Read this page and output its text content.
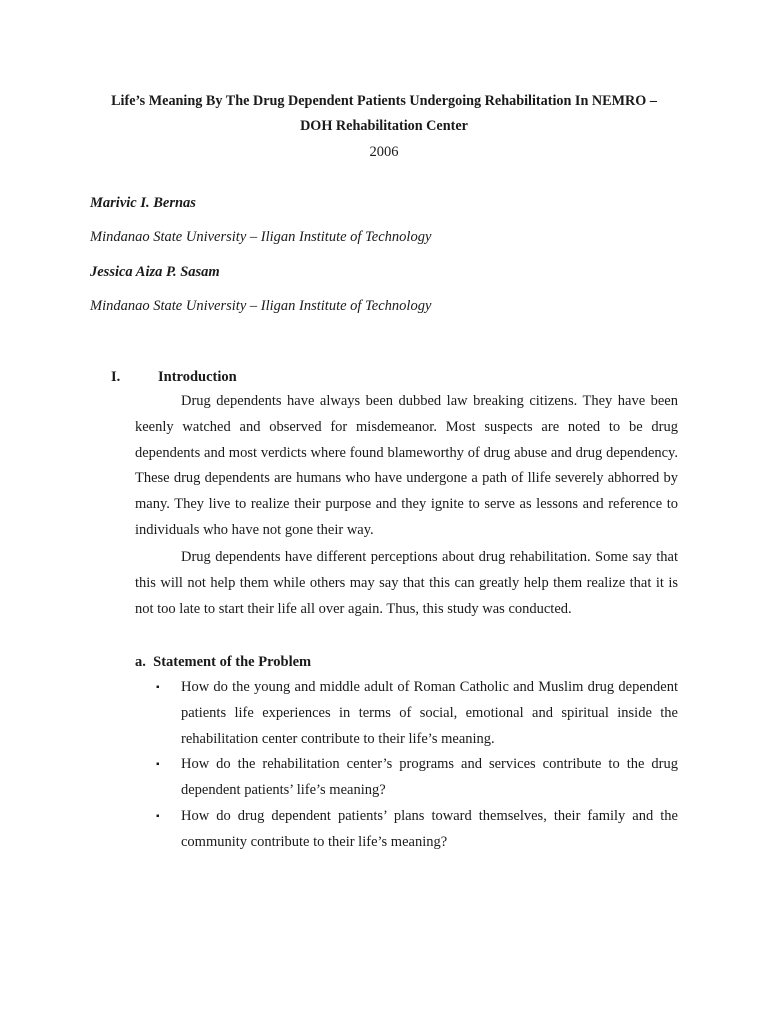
Life’s Meaning By The Drug Dependent Patients Undergoing Rehabilitation In NEMRO –
DOH Rehabilitation Center
2006
Marivic I. Bernas
Mindanao State University – Iligan Institute of Technology
Jessica Aiza P. Sasam
Mindanao State University – Iligan Institute of Technology
I.	Introduction

Drug dependents have always been dubbed law breaking citizens. They have been keenly watched and observed for misdemeanor. Most suspects are noted to be drug dependents and most verdicts where found blameworthy of drug abuse and drug dependency. These drug dependents are humans who have undergone a path of llife severely abhorred by many. They live to realize their purpose and they ignite to serve as lessons and reference to individuals who have not gone their way.

Drug dependents have different perceptions about drug rehabilitation. Some say that this will not help them while others may say that this can greatly help them realize that it is not too late to start their life all over again. Thus, this study was conducted.

a.  Statement of the Problem
▪ How do the young and middle adult of Roman Catholic and Muslim drug dependent patients life experiences in terms of social, emotional and spiritual inside the rehabilitation center contribute to their life’s meaning.
▪ How do the rehabilitation center’s programs and services contribute to the drug dependent patients’ life’s meaning?
▪ How do drug dependent patients’ plans toward themselves, their family and the community contribute to their life’s meaning?
